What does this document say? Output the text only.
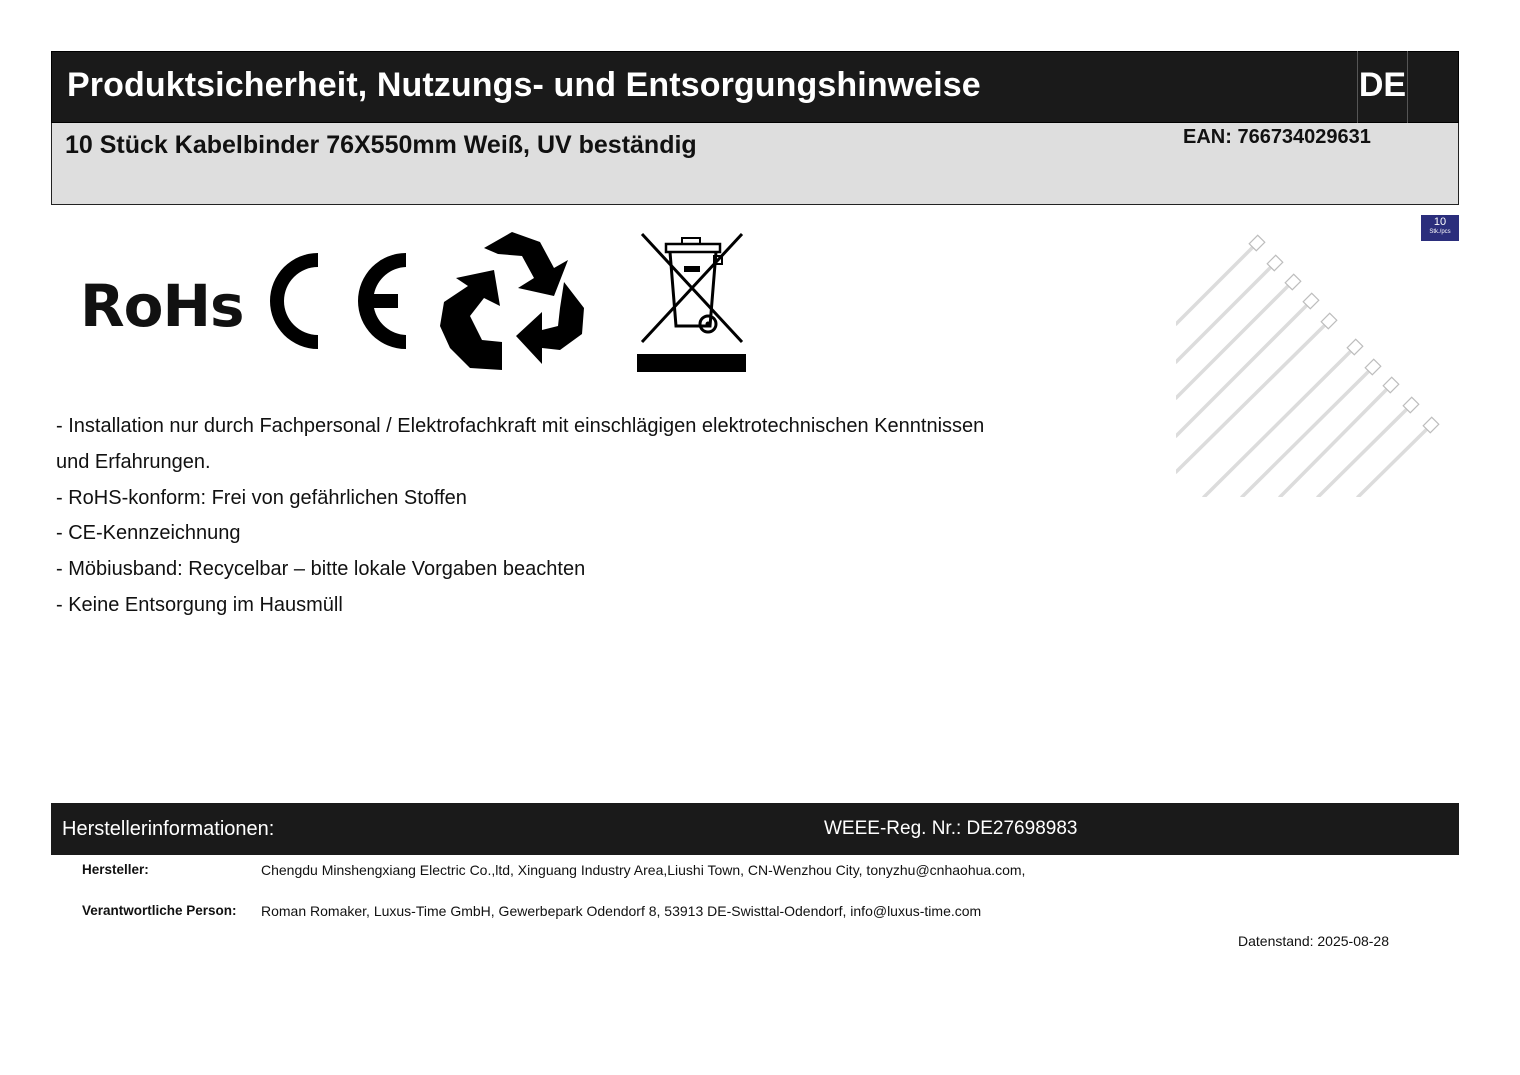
Produktsicherheit, Nutzungs- und Entsorgungshinweise	DE
10 Stück Kabelbinder 76X550mm Weiß, UV beständig	EAN: 766734029631
RoHs
10
Stk./pcs

- Installation nur durch Fachpersonal / Elektrofachkraft mit einschlägigen elektrotechnischen Kenntnissen

und Erfahrungen.

- RoHS-konform: Frei von gefährlichen Stoffen

- CE-Kennzeichnung

- Möbiusband: Recycelbar – bitte lokale Vorgaben beachten

- Keine Entsorgung im Hausmüll

Herstellerinformationen:	WEEE-Reg. Nr.: DE27698983
Hersteller:	Chengdu Minshengxiang Electric Co.,ltd, Xinguang Industry Area,Liushi Town, CN-Wenzhou City, tonyzhu@cnhaohua.com,
Verantwortliche Person: Roman Romaker, Luxus-Time GmbH, Gewerbepark Odendorf 8, 53913 DE-Swisttal-Odendorf, info@luxus-time.com
Datenstand: 2025-08-28
